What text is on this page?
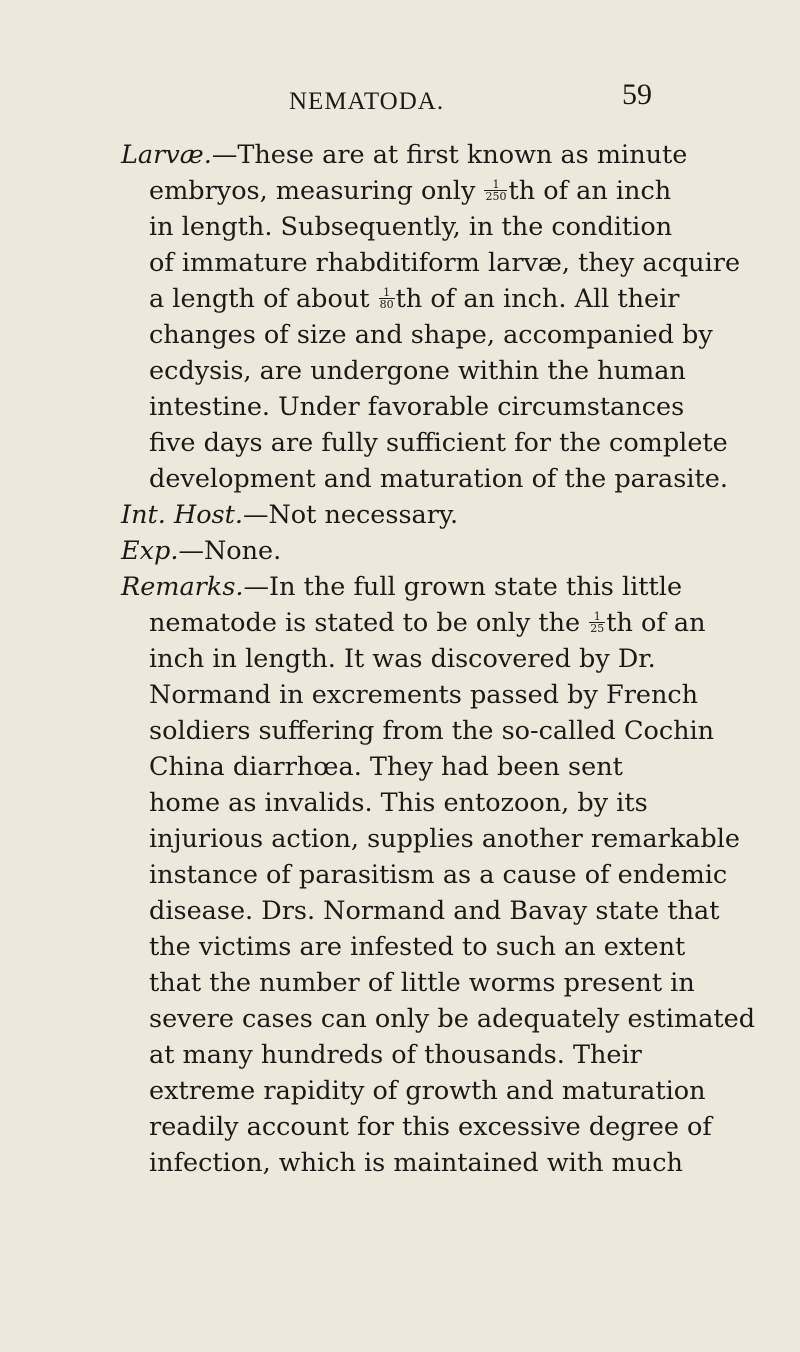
NEMATODA.	59
Larvæ.—These are at first known as minute
embryos, measuring only $\frac{1}{250}$ th of an inch
in length. Subsequently, in the condition
of immature rhabditiform larvæ, they acquire
a length of about $\frac{1}{80}$ th of an inch. All their
changes of size and shape, accompanied by
ecdysis, are undergone within the human
intestine. Under favorable circumstances
five days are fully sufficient for the complete
development and maturation of the parasite.
Int. Host.—Not necessary.
Exp.—None.
Remarks.—In the full grown state this little
nematode is stated to be only the $\frac{1}{25}$ th of an
inch in length. It was discovered by Dr.
Normand in excrements passed by French
soldiers suffering from the so-called Cochin
China diarrhœa. They had been sent
home as invalids. This entozoon, by its
injurious action, supplies another remarkable
instance of parasitism as a cause of endemic
disease. Drs. Normand and Bavay state that
the victims are infested to such an extent
that the number of little worms present in
severe cases can only be adequately estimated
at many hundreds of thousands. Their
extreme rapidity of growth and maturation
readily account for this excessive degree of
infection, which is maintained with much
